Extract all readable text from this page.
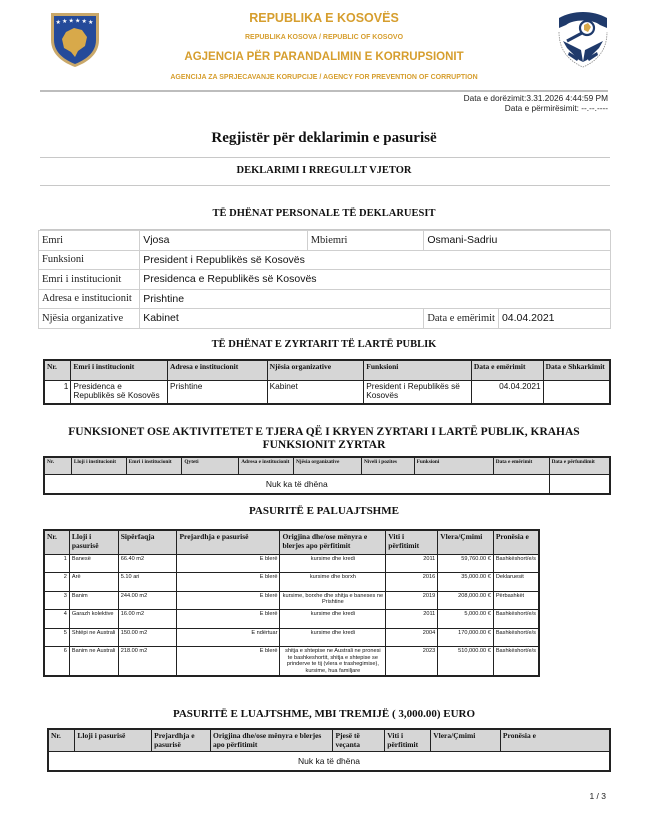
★ ★ ★ ★ ★ ★	REPUBLIKA E KOSOVËS
REPUBLIKA KOSOVA / REPUBLIC OF KOSOVO
AGJENCIA PËR PARANDALIMIN E KORRUPSIONIT
AGENCIJA ZA SPRJECAVANJE KORUPCIJE / AGENCY FOR PREVENTION OF CORRUPTION
Data e dorëzimit:3.31.2026 4:44:59 PM
Data e përmirësimit: --.--.----
Regjistër për deklarimin e pasurisë
DEKLARIMI I RREGULLT VJETOR
TË DHËNAT PERSONALE TË DEKLARUESIT
Emri	Vjosa	Mbiemri	Osmani-Sadriu	
Funksioni	President i Republikës së Kosovës			
Emri i institucionit	Presidenca e Republikës së Kosovës			
Adresa e institucionit	Prishtine			
Njësia organizative	Kabinet		Data e emërimit	04.04.2021
TË DHËNAT E ZYRTARIT TË LARTË PUBLIK
Nr.	Emri i institucionit	Adresa e institucionit	Njësia organizative	Funksioni	Data e emërimit	Data e Shkarkimit
1	Presidenca e Republikës së Kosovës	Prishtine	Kabinet	President i Republikës së Kosovës	04.04.2021	
FUNKSIONET OSE AKTIVITETET E TJERA QË I KRYEN ZYRTARI I LARTË PUBLIK, KRAHAS FUNKSIONIT ZYRTAR
Nr.	Lloji i institucionit	Emri i institucionit	Qyteti	Adresa e institucionit	Njësia organizative	Niveli i pozites	Funksioni	Data e emërimit	Data e përfundimit
Nuk ka të dhëna									
PASURITË E PALUAJTSHME
Nr.	Lloji i pasurisë	Sipërfaqja	Prejardhja e pasurisë	Origjina dhe/ose mënyra e blerjes apo përfitimit	Viti i përfitimit	Vlera/Çmimi	Pronësia e
1	Banesë	66.40 m2	E blerë	kursime dhe kredi	2011	59,760.00 €	Bashkëshort/e/s
2	Arë	5.10 ari	E blerë	kursime dhe borxh	2016	35,000.00 €	Deklaruesit
3	Banim	244.00 m2	E blerë	kursime, borxhe dhe shitja e baneses ne Prishtine	2019	208,000.00 €	Përbashkët
4	Garazh kolektive	16.00 m2	E blerë	kursime dhe kredi	2011	5,000.00 €	Bashkëshort/e/s
5	Shtëpi ne Australi	150.00 m2	E ndërtuar	kursime dhe kredi	2004	170,000.00 €	Bashkëshort/e/s
6	Banim ne Australi	218.00 m2	E blerë	shitja e shtepise ne Australi ne pronesi te bashkeshortit, shitja e shtepise se prinderve te tij (vlera e trashegimise), kursime, hua familjare	2023	510,000.00 €	Bashkëshort/e/s
PASURITË E LUAJTSHME, MBI TREMIJË ( 3,000.00) EURO
Nr.	Lloji i pasurisë	Prejardhja e pasurisë	Origjina dhe/ose mënyra e blerjes apo përfitimit	Pjesë të veçanta	Viti i përfitimit	Vlera/Çmimi	Pronësia e
Nuk ka të dhëna
1 / 3
